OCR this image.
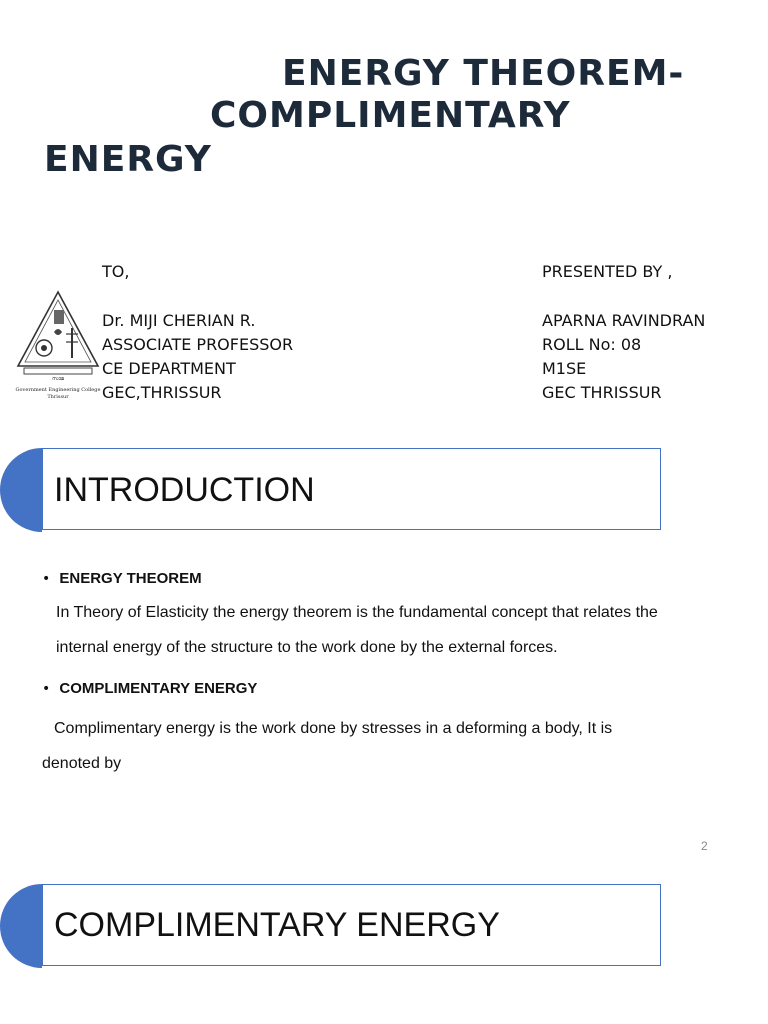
ENERGY THEOREM-
COMPLIMENTARY
ENERGY
സാമ
Government Engineering College
Thrissur
TO,
Dr. MIJI CHERIAN R.
ASSOCIATE PROFESSOR
CE DEPARTMENT
GEC,THRISSUR
PRESENTED BY ,
APARNA RAVINDRAN
ROLL No: 08
M1SE
GEC THRISSUR
INTRODUCTION
• ENERGY THEOREM
In Theory of Elasticity the energy theorem is the fundamental concept that relates the
internal energy of the structure to the work done by the external forces.
• COMPLIMENTARY ENERGY
Complimentary energy is the work done by stresses in a deforming a body, It is
denoted by
2
COMPLIMENTARY ENERGY
